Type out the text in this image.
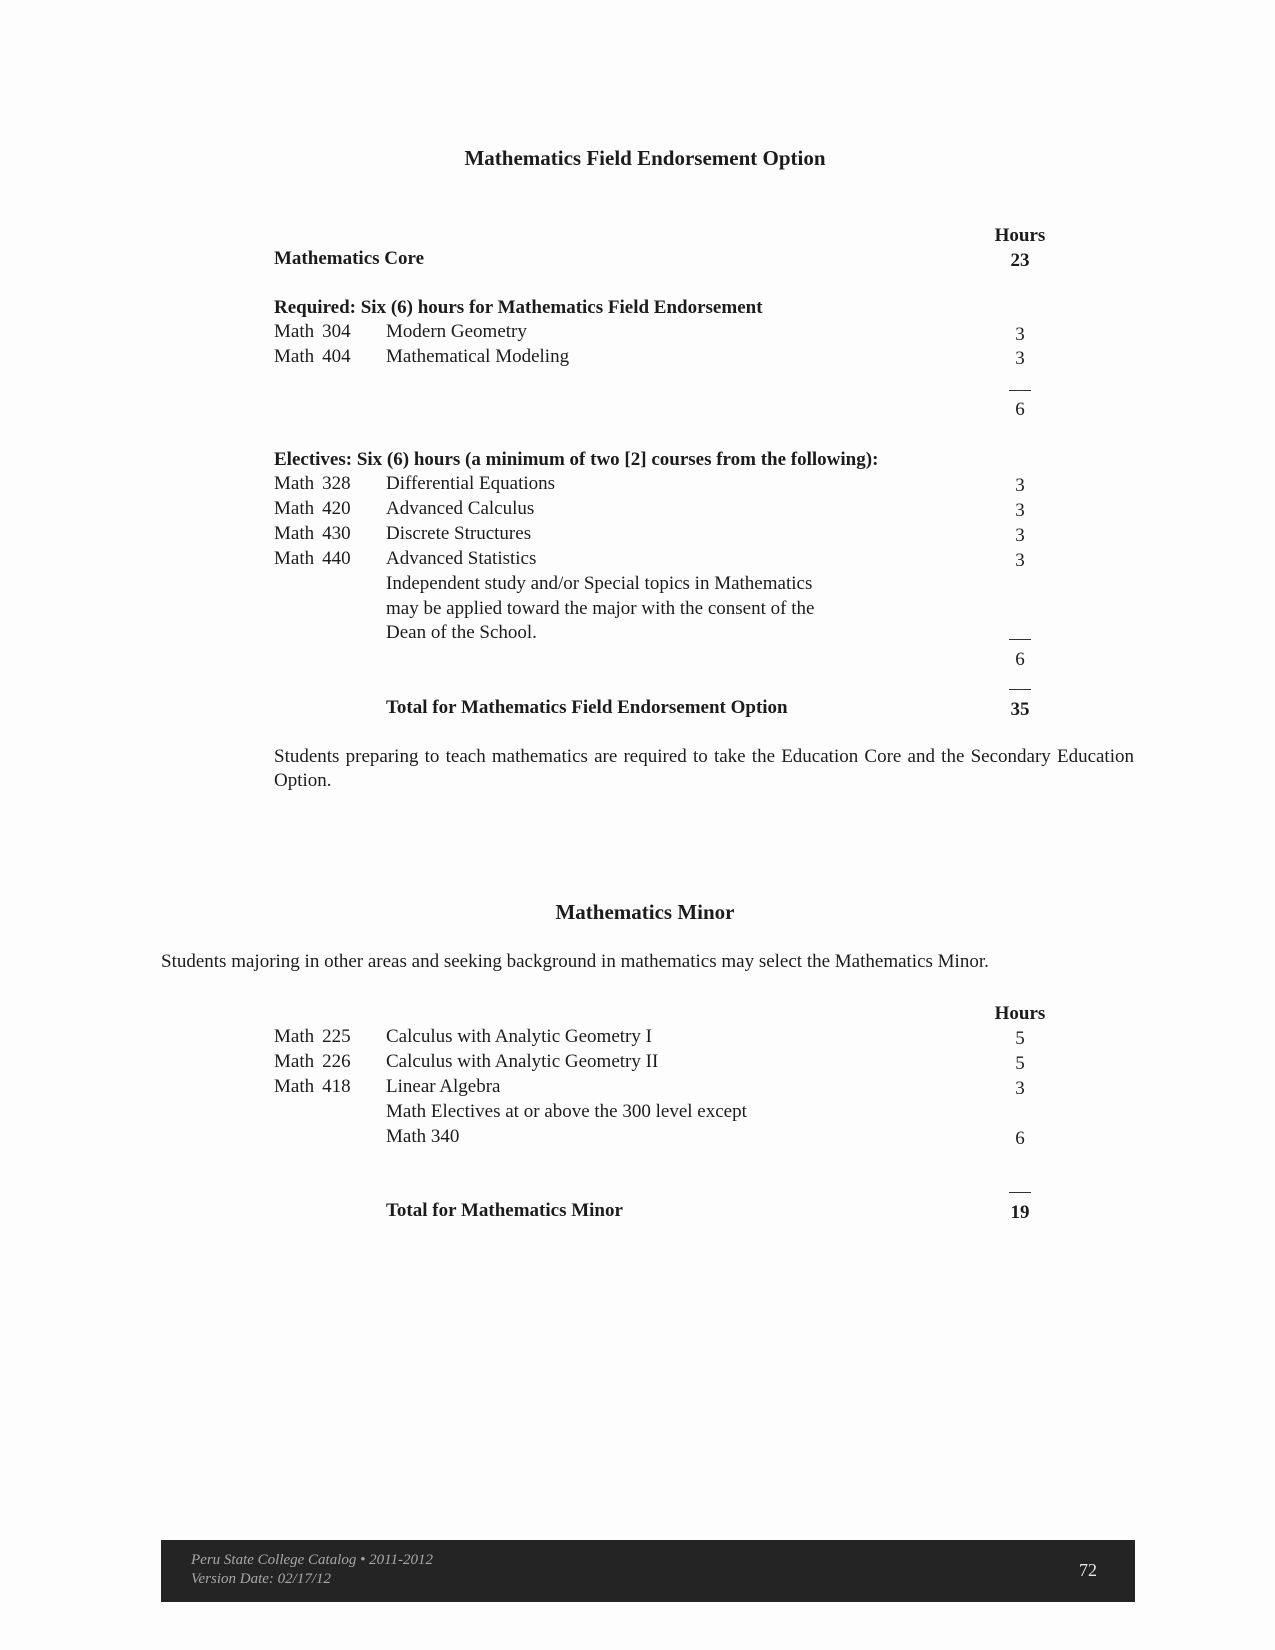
Mathematics Field Endorsement Option
Hours
Mathematics Core	23
Required: Six (6) hours for Mathematics Field Endorsement
Math 304 Modern Geometry	3
Math 404 Mathematical Modeling	3
6
Electives: Six (6) hours (a minimum of two [2] courses from the following):
Math 328 Differential Equations	3
Math 420 Advanced Calculus	3
Math 430 Discrete Structures	3
Math 440 Advanced Statistics	3
Independent study and/or Special topics in Mathematics
may be applied toward the major with the consent of the
Dean of the School.
6
Total for Mathematics Field Endorsement Option	35
Students preparing to teach mathematics are required to take the Education Core and the Secondary Education Option.
Mathematics Minor
Students majoring in other areas and seeking background in mathematics may select the Mathematics Minor.
Hours
Math 225 Calculus with Analytic Geometry I	5
Math 226 Calculus with Analytic Geometry II	5
Math 418 Linear Algebra	3
Math Electives at or above the 300 level except
Math 340	6
Total for Mathematics Minor	19
Peru State College Catalog • 2011-2012
Version Date: 02/17/12	72
